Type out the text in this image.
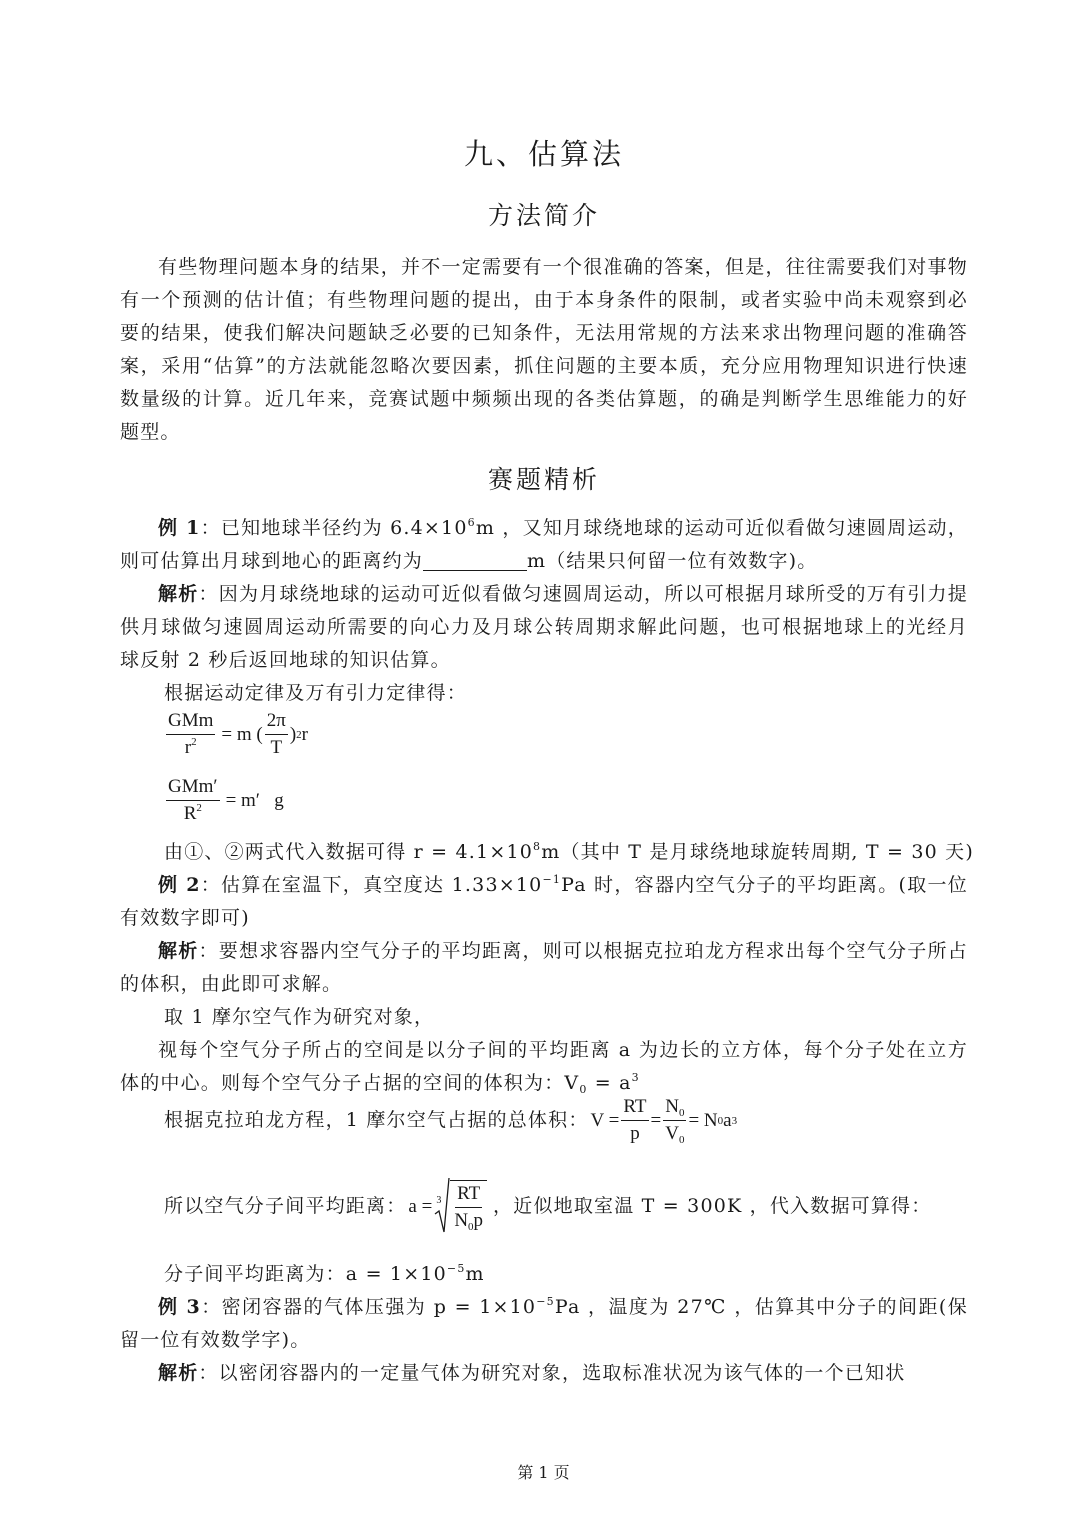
九、估算法
方法简介

有些物理问题本身的结果，并不一定需要有一个很准确的答案，但是，往往需要我们对事物有一个预测的估计值；有些物理问题的提出，由于本身条件的限制，或者实验中尚未观察到必要的结果，使我们解决问题缺乏必要的已知条件，无法用常规的方法来求出物理问题的准确答案，采用“估算”的方法就能忽略次要因素，抓住问题的主要本质，充分应用物理知识进行快速数量级的计算。近几年来，竞赛试题中频频出现的各类估算题，的确是判断学生思维能力的好题型。

赛题精析

例 1：已知地球半径约为 $6.4\times 10^6m$ ，又知月球绕地球的运动可近似看做匀速圆周运动，则可估算出月球到地心的距离约为	m（结果只何留一位有效数字)。

解析：因为月球绕地球的运动可近似看做匀速圆周运动，所以可根据月球所受的万有引力提供月球做匀速圆周运动所需要的向心力及月球公转周期求解此问题，也可根据地球上的光经月球反射 2 秒后返回地球的知识估算。

根据运动定律及万有引力定律得：

$\frac{\text{GMm}}{r^2} = m$ ( $\frac{2\pi}{T}$ ) 2 r
$\frac{\text{GMm′}}{R^2} = m'$   g

由①、②两式代入数据可得 $r = 4.1\times 10^8m$（其中 T 是月球绕地球旋转周期, T = 30 天)

例 2：估算在室温下，真空度达 $1.33\times 10^{-1}Pa$ 时，容器内空气分子的平均距离。(取一位有效数字即可)

解析：要想求容器内空气分子的平均距离，则可以根据克拉珀龙方程求出每个空气分子所占的体积，由此即可求解。

取 1 摩尔空气作为研究对象，

视每个空气分子所占的空间是以分子间的平均距离 a 为边长的立方体，每个分子处在立方体的中心。则每个空气分子占据的空间的体积为：$V_0 = a^3$

根据克拉珀龙方程，1 摩尔空气占据的总体积： $V = \frac{RT}{p} = \frac{N_0}{V_0} = N$ 0 a 3
所以空气分子间平均距离： $a = 3 \frac{RT}{N_0p}$ ，近似地取室温 T = 300K ，代入数据可算得：

分子间平均距离为：$a = 1\times 10^{-5}m$

例 3：密闭容器的气体压强为 $p = 1\times 10^{-5}Pa$ ，温度为 27℃ ，估算其中分子的间距(保留一位有效数学字)。

解析：以密闭容器内的一定量气体为研究对象，选取标准状况为该气体的一个已知状

第 1 页
